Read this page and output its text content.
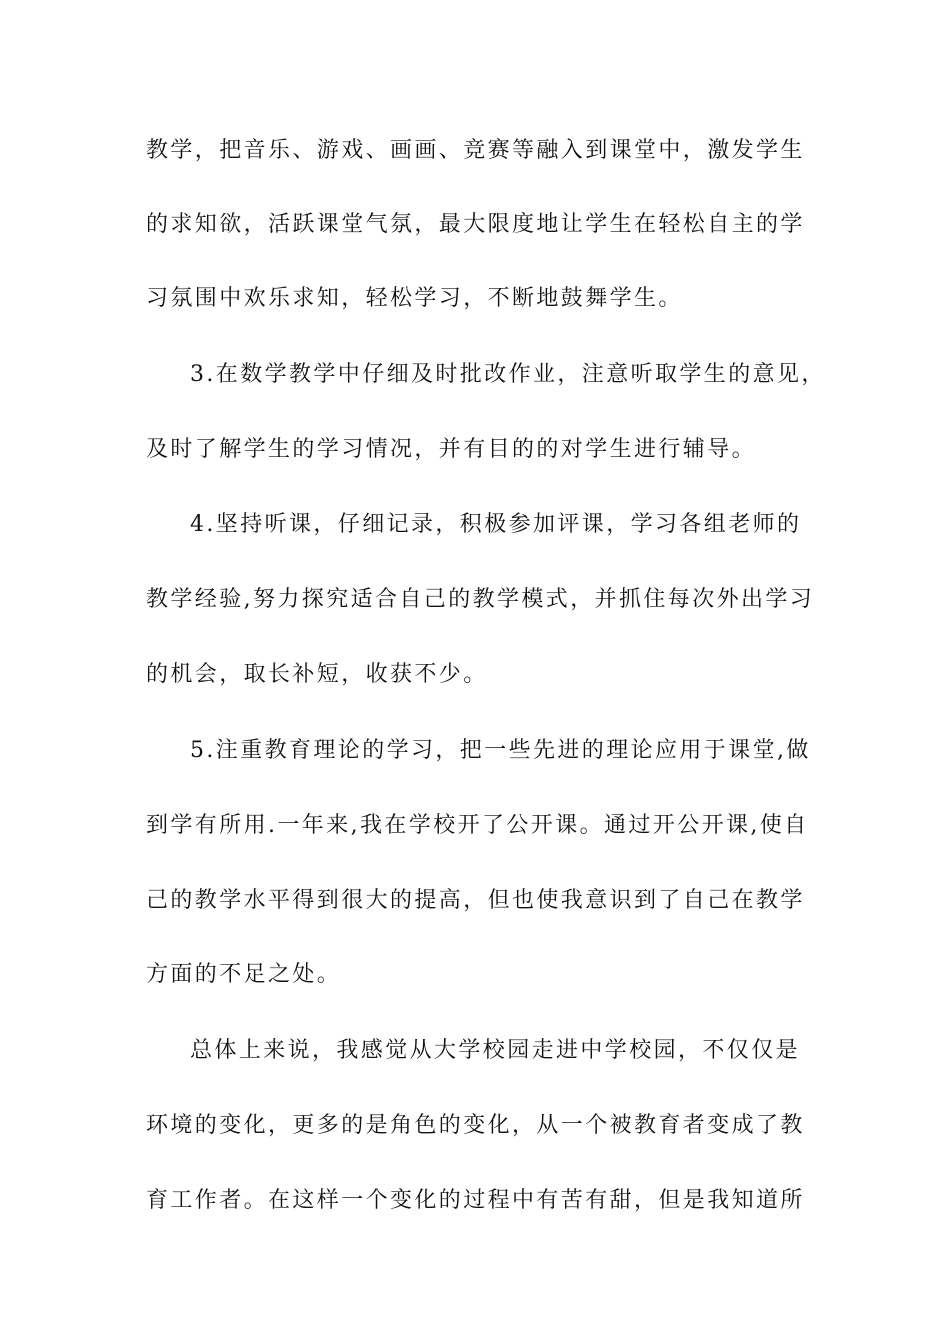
教学，把音乐、游戏、画画、竞赛等融入到课堂中，激发学生
的求知欲，活跃课堂气氛，最大限度地让学生在轻松自主的学
习氛围中欢乐求知，轻松学习，不断地鼓舞学生。
3.在数学教学中仔细及时批改作业，注意听取学生的意见，
及时了解学生的学习情况，并有目的的对学生进行辅导。
4.坚持听课，仔细记录，积极参加评课，学习各组老师的
教学经验,努力探究适合自己的教学模式，并抓住每次外出学习
的机会，取长补短，收获不少。
5.注重教育理论的学习，把一些先进的理论应用于课堂,做
到学有所用.一年来,我在学校开了公开课。通过开公开课,使自
己的教学水平得到很大的提高，但也使我意识到了自己在教学
方面的不足之处。
总体上来说，我感觉从大学校园走进中学校园，不仅仅是
环境的变化，更多的是角色的变化，从一个被教育者变成了教
育工作者。在这样一个变化的过程中有苦有甜，但是我知道所
